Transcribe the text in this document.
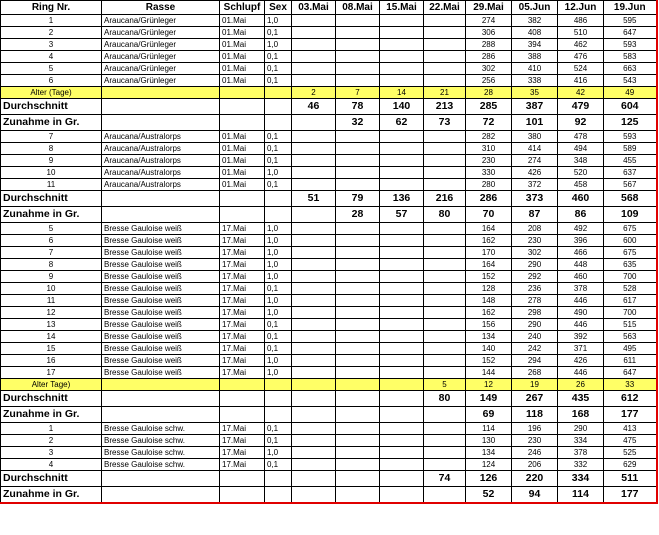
Ring Nr.	Rasse	Schlupf	Sex	03.Mai	08.Mai	15.Mai	22.Mai	29.Mai	05.Jun	12.Jun	19.Jun
1	Araucana/Grünleger	01.Mai	1,0					274	382	486	595
2	Araucana/Grünleger	01.Mai	0,1					306	408	510	647
3	Araucana/Grünleger	01.Mai	1,0					288	394	462	593
4	Araucana/Grünleger	01.Mai	0,1					286	388	476	583
5	Araucana/Grünleger	01.Mai	0,1					302	410	524	663
6	Araucana/Grünleger	01.Mai	0,1					256	338	416	543
Alter (Tage)				2	7	14	21	28	35	42	49
Durchschnitt				46	78	140	213	285	387	479	604
Zunahme in Gr.					32	62	73	72	101	92	125
7	Araucana/Australorps	01.Mai	0,1					282	380	478	593
8	Araucana/Australorps	01.Mai	0,1					310	414	494	589
9	Araucana/Australorps	01.Mai	0,1					230	274	348	455
10	Araucana/Australorps	01.Mai	1,0					330	426	520	637
11	Araucana/Australorps	01.Mai	0,1					280	372	458	567
Durchschnitt				51	79	136	216	286	373	460	568
Zunahme in Gr.					28	57	80	70	87	86	109
5	Bresse Gauloise weiß	17.Mai	1,0					164	208	492	675
6	Bresse Gauloise weiß	17.Mai	1,0					162	230	396	600
7	Bresse Gauloise weiß	17.Mai	1,0					170	302	466	675
8	Bresse Gauloise weiß	17.Mai	1,0					164	290	448	635
9	Bresse Gauloise weiß	17.Mai	1,0					152	292	460	700
10	Bresse Gauloise weiß	17.Mai	0,1					128	236	378	528
11	Bresse Gauloise weiß	17.Mai	1,0					148	278	446	617
12	Bresse Gauloise weiß	17.Mai	1,0					162	298	490	700
13	Bresse Gauloise weiß	17.Mai	0,1					156	290	446	515
14	Bresse Gauloise weiß	17.Mai	0,1					134	240	392	563
15	Bresse Gauloise weiß	17.Mai	0,1					140	242	371	495
16	Bresse Gauloise weiß	17.Mai	1,0					152	294	426	611
17	Bresse Gauloise weiß	17.Mai	1,0					144	268	446	647
Alter Tage)							5	12	19	26	33
Durchschnitt							80	149	267	435	612
Zunahme in Gr.								69	118	168	177
1	Bresse Gauloise schw.	17.Mai	0,1					114	196	290	413
2	Bresse Gauloise schw.	17.Mai	0,1					130	230	334	475
3	Bresse Gauloise schw.	17.Mai	1,0					134	246	378	525
4	Bresse Gauloise schw.	17.Mai	0,1					124	206	332	629
Durchschnitt							74	126	220	334	511
Zunahme in Gr.								52	94	114	177
